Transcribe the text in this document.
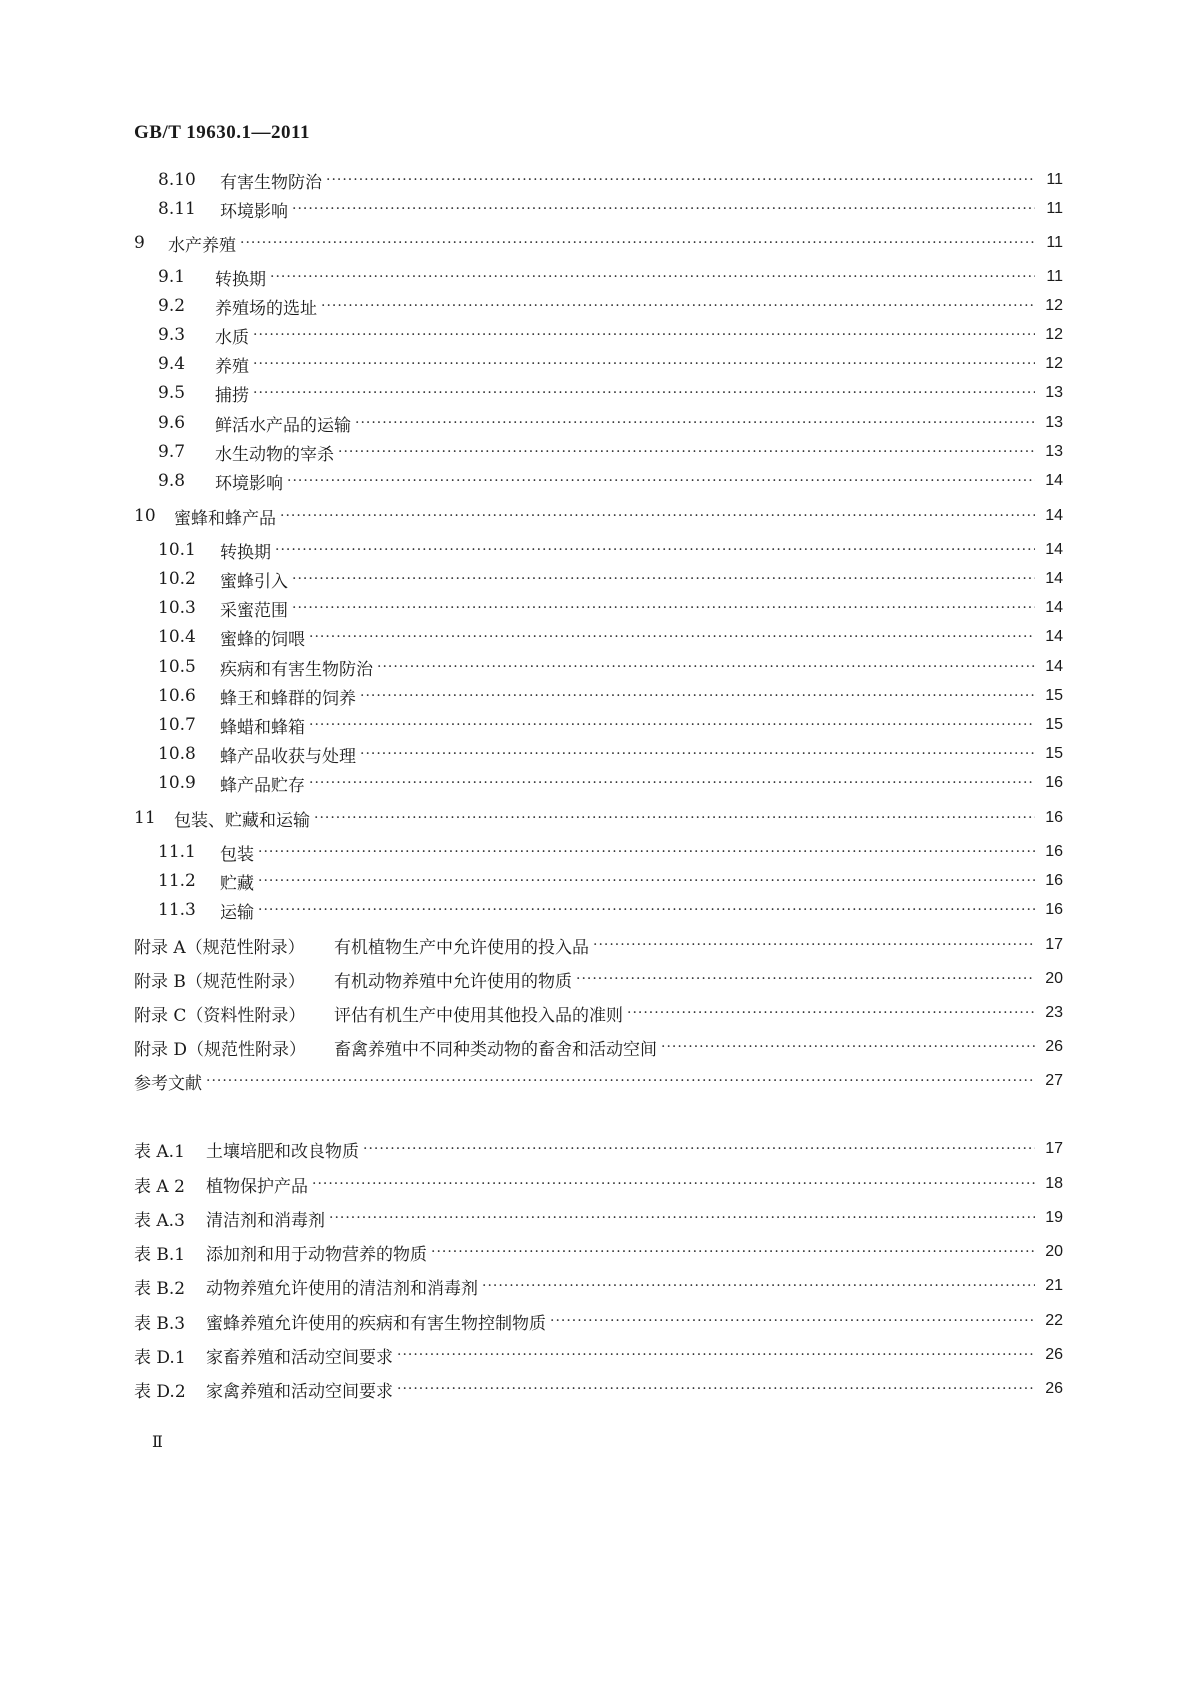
GB/T 19630.1—2011
8.10	有害生物防治 ·····	11
8.11	环境影响 ·····	11
9	水产养殖 ·····	11
9.1	转换期 ·····	11
9.2	养殖场的选址 ·····	12
9.3	水质 ·····	12
9.4	养殖 ·····	12
9.5	捕捞 ·····	13
9.6	鲜活水产品的运输 ·····	13
9.7	水生动物的宰杀 ·····	13
9.8	环境影响 ·····	14
10	蜜蜂和蜂产品 ·····	14
10.1	转换期 ·····	14
10.2	蜜蜂引入 ·····	14
10.3	采蜜范围 ·····	14
10.4	蜜蜂的饲喂 ·····	14
10.5	疾病和有害生物防治 ·····	14
10.6	蜂王和蜂群的饲养 ·····	15
10.7	蜂蜡和蜂箱 ·····	15
10.8	蜂产品收获与处理 ·····	15
10.9	蜂产品贮存 ·····	16
11	包装、贮藏和运输 ·····	16
11.1	包装 ·····	16
11.2	贮藏 ·····	16
11.3	运输 ·····	16
附录 A（规范性附录）	有机植物生产中允许使用的投入品 ·····	17
附录 B（规范性附录）	有机动物养殖中允许使用的物质 ·····	20
附录 C（资料性附录）	评估有机生产中使用其他投入品的准则 ·····	23
附录 D（规范性附录）	畜禽养殖中不同种类动物的畜舍和活动空间 ·····	26
参考文献 ·····	27
表 A.1	土壤培肥和改良物质 ·····	17
表 A 2	植物保护产品 ·····	18
表 A.3	清洁剂和消毒剂 ·····	19
表 B.1	添加剂和用于动物营养的物质 ·····	20
表 B.2	动物养殖允许使用的清洁剂和消毒剂 ·····	21
表 B.3	蜜蜂养殖允许使用的疾病和有害生物控制物质 ·····	22
表 D.1	家畜养殖和活动空间要求 ·····	26
表 D.2	家禽养殖和活动空间要求 ·····	26
Ⅱ
